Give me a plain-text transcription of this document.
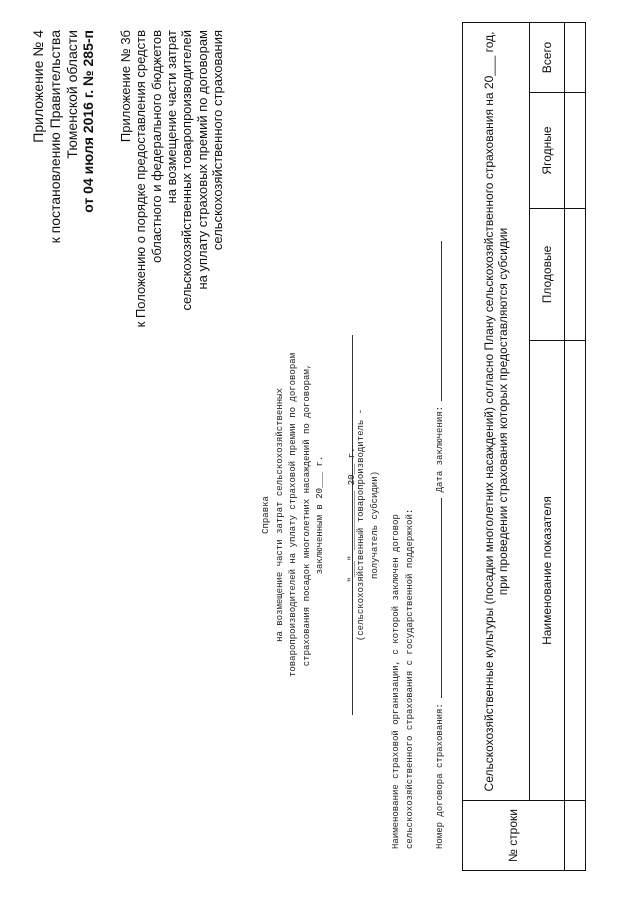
Приложение № 4 к постановлению Правительства Тюменской области от 04 июля 2016 г. № 285-п Приложение № 3б к Положению о порядке предоставления средств областного и федерального бюджетов на возмещение части затрат сельскохозяйственных товаропроизводителей на уплату страховых премий по договорам сельскохозяйственного страхования
Справка на возмещение части затрат сельскохозяйственных товаропроизводителей на уплату страховой премии по договорам страхования посадок многолетних насаждений по договорам, заключенным в 20___ г. "___" ___________ 20__ г. (сельскохозяйственный товаропроизводитель - получатель субсидии) Наименование страховой организации, с которой заключен договор сельскохозяйственного страхования с государственной поддержкой:	Номер договора страхования:  Дата заключения:
№ строки	Сельскохозяйственные культуры (посадки многолетних насаждений) согласно Плану сельскохозяйственного страхования на 20___ год, при проведении страхования которых предоставляются субсидии			
	Наименование показателя	Плодовые	Ягодные	Всего
